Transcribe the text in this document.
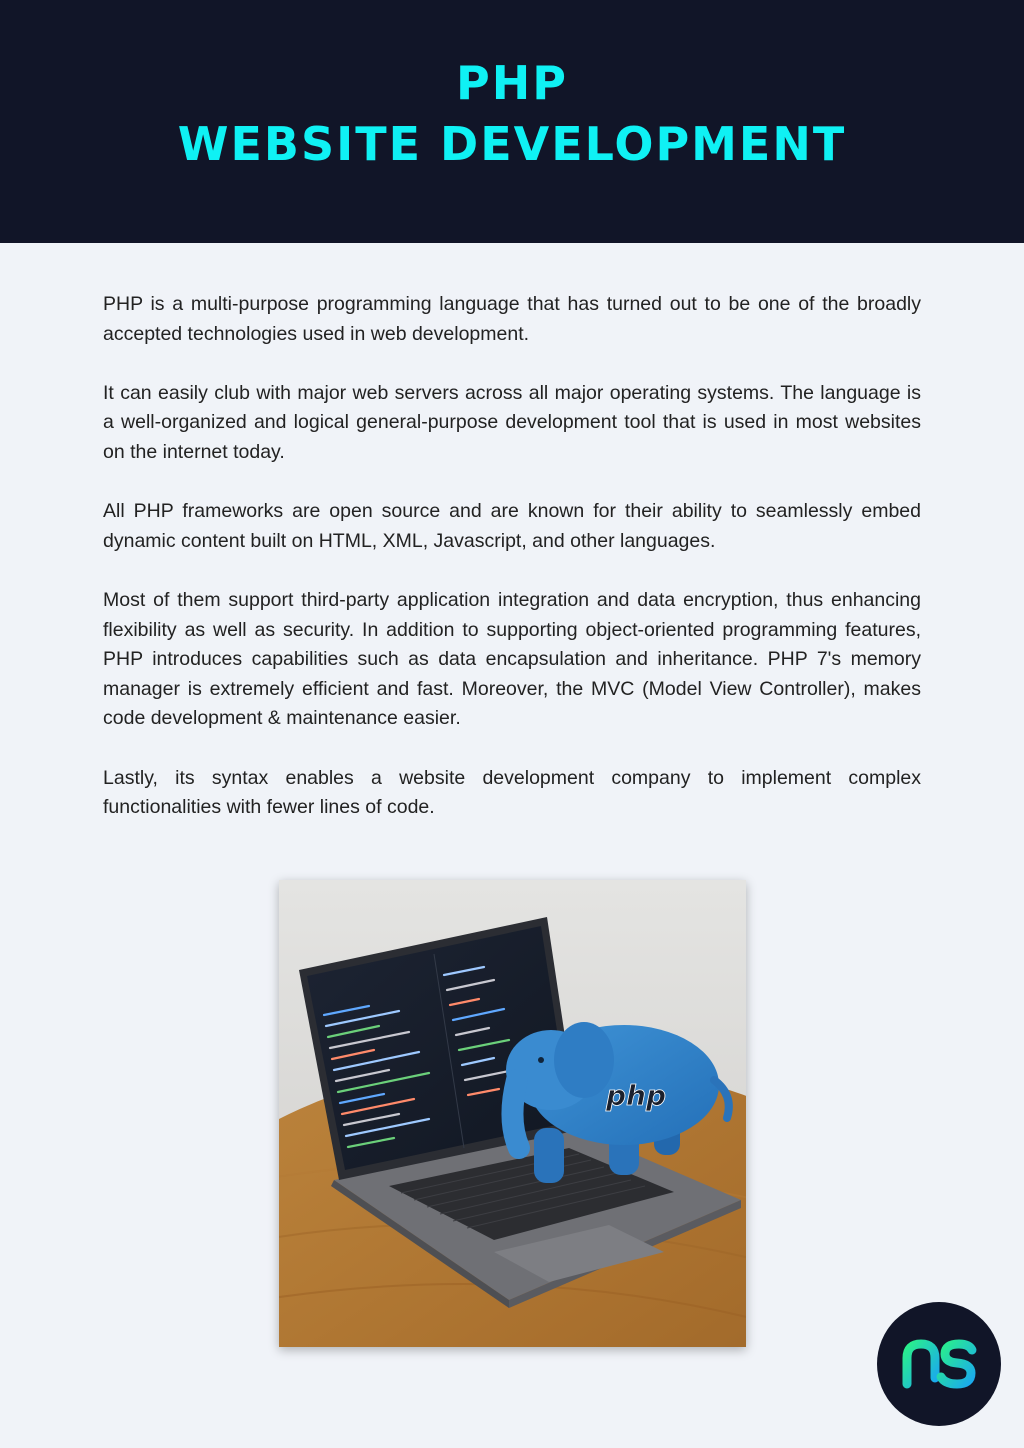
PHP
WEBSITE DEVELOPMENT

PHP is a multi-purpose programming language that has turned out to be one of the broadly accepted technologies used in web development.

It can easily club with major web servers across all major operating systems. The language is a well-organized and logical general-purpose development tool that is used in most websites on the internet today.

All PHP frameworks are open source and are known for their ability to seamlessly embed dynamic content built on HTML, XML, Javascript, and other languages.

Most of them support third-party application integration and data encryption, thus enhancing flexibility as well as security. In addition to supporting object-oriented programming features, PHP introduces capabilities such as data encapsulation and inheritance. PHP 7's memory manager is extremely efficient and fast. Moreover, the MVC (Model View Controller), makes code development & maintenance easier.

Lastly, its syntax enables a website development company to implement complex functionalities with fewer lines of code.

php
